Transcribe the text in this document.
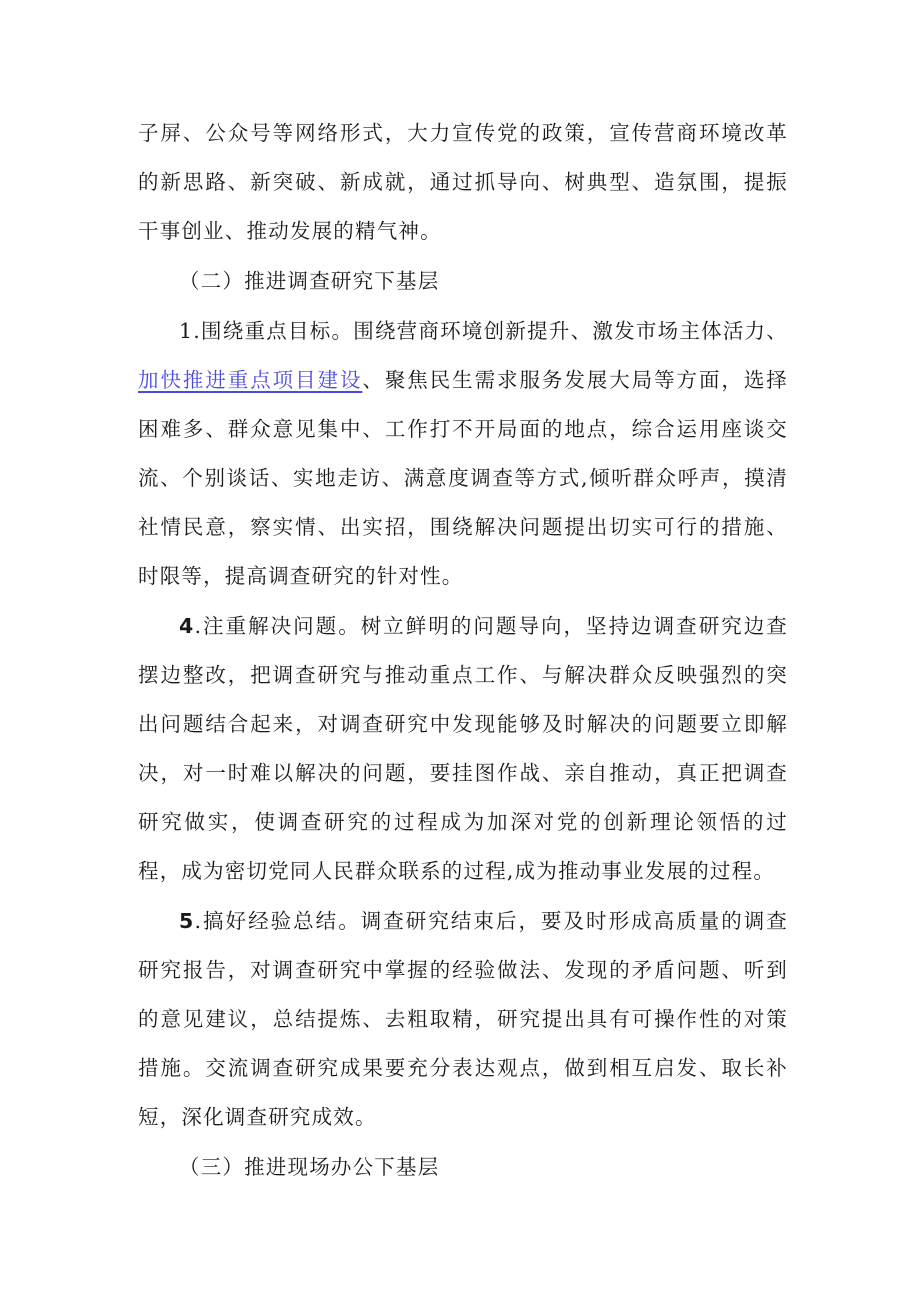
子屏、公众号等网络形式，大力宣传党的政策，宣传营商环境改革的新思路、新突破、新成就，通过抓导向、树典型、造氛围，提振干事创业、推动发展的精气神。

（二）推进调查研究下基层

1.围绕重点目标。围绕营商环境创新提升、激发市场主体活力、加快推进重点项目建设、聚焦民生需求服务发展大局等方面，选择困难多、群众意见集中、工作打不开局面的地点，综合运用座谈交流、个别谈话、实地走访、满意度调查等方式,倾听群众呼声，摸清社情民意，察实情、出实招，围绕解决问题提出切实可行的措施、时限等，提高调查研究的针对性。

4.注重解决问题。树立鲜明的问题导向，坚持边调查研究边查摆边整改，把调查研究与推动重点工作、与解决群众反映强烈的突出问题结合起来，对调查研究中发现能够及时解决的问题要立即解决，对一时难以解决的问题，要挂图作战、亲自推动，真正把调查研究做实，使调查研究的过程成为加深对党的创新理论领悟的过程，成为密切党同人民群众联系的过程,成为推动事业发展的过程。

5.搞好经验总结。调查研究结束后，要及时形成高质量的调查研究报告，对调查研究中掌握的经验做法、发现的矛盾问题、听到的意见建议，总结提炼、去粗取精，研究提出具有可操作性的对策措施。交流调查研究成果要充分表达观点，做到相互启发、取长补短，深化调查研究成效。

（三）推进现场办公下基层
